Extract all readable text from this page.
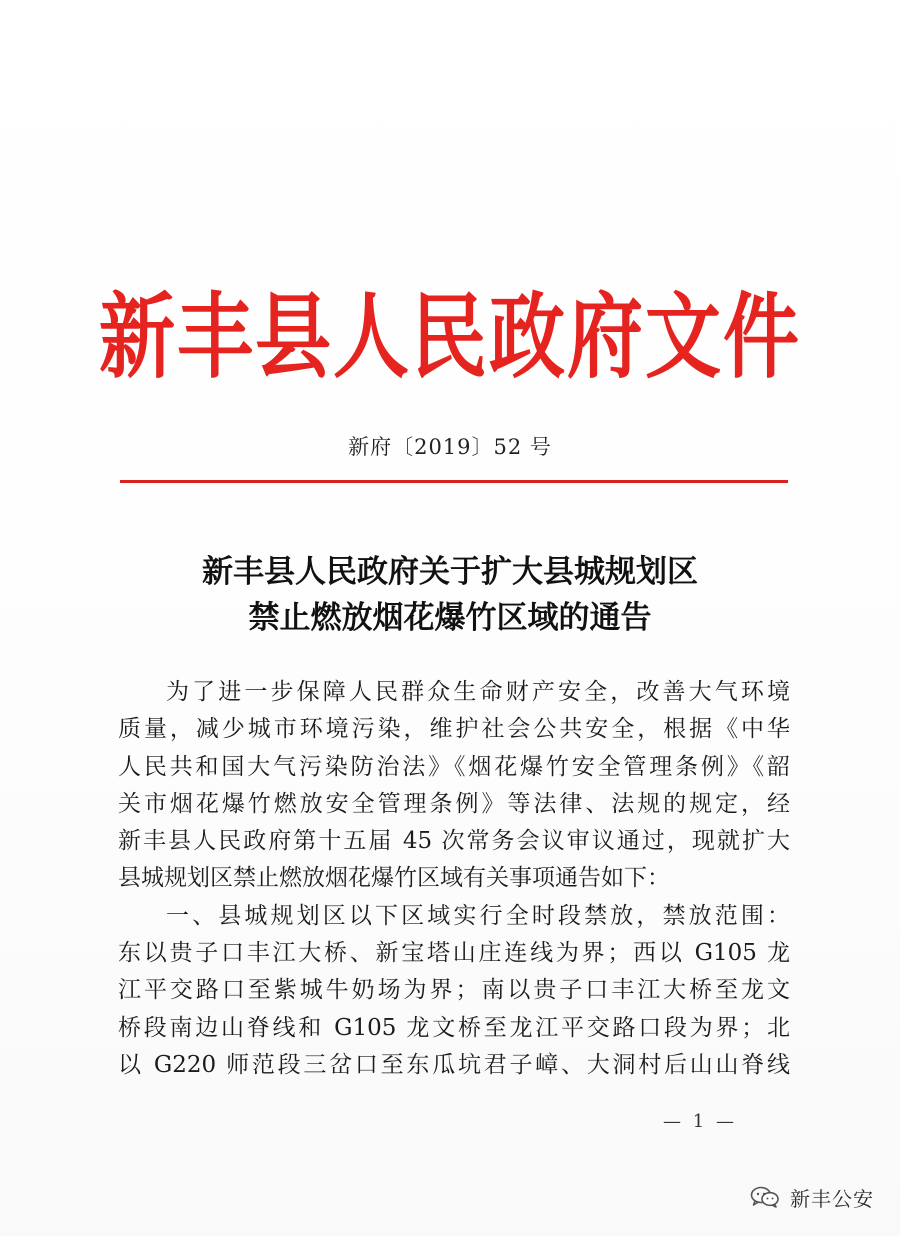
新丰县人民政府文件
新府〔2019〕52 号
新丰县人民政府关于扩大县城规划区
禁止燃放烟花爆竹区域的通告
为了进一步保障人民群众生命财产安全，改善大气环境
质量，减少城市环境污染，维护社会公共安全，根据《中华
人民共和国大气污染防治法》《烟花爆竹安全管理条例》《韶
关市烟花爆竹燃放安全管理条例》等法律、法规的规定，经
新丰县人民政府第十五届 45 次常务会议审议通过，现就扩大
县城规划区禁止燃放烟花爆竹区域有关事项通告如下：
一、县城规划区以下区域实行全时段禁放，禁放范围：
东以贵子口丰江大桥、新宝塔山庄连线为界；西以 G105 龙
江平交路口至紫城牛奶场为界；南以贵子口丰江大桥至龙文
桥段南边山脊线和 G105 龙文桥至龙江平交路口段为界；北
以 G220 师范段三岔口至东瓜坑君子嶂、大洞村后山山脊线
— 1 —
新丰公安
